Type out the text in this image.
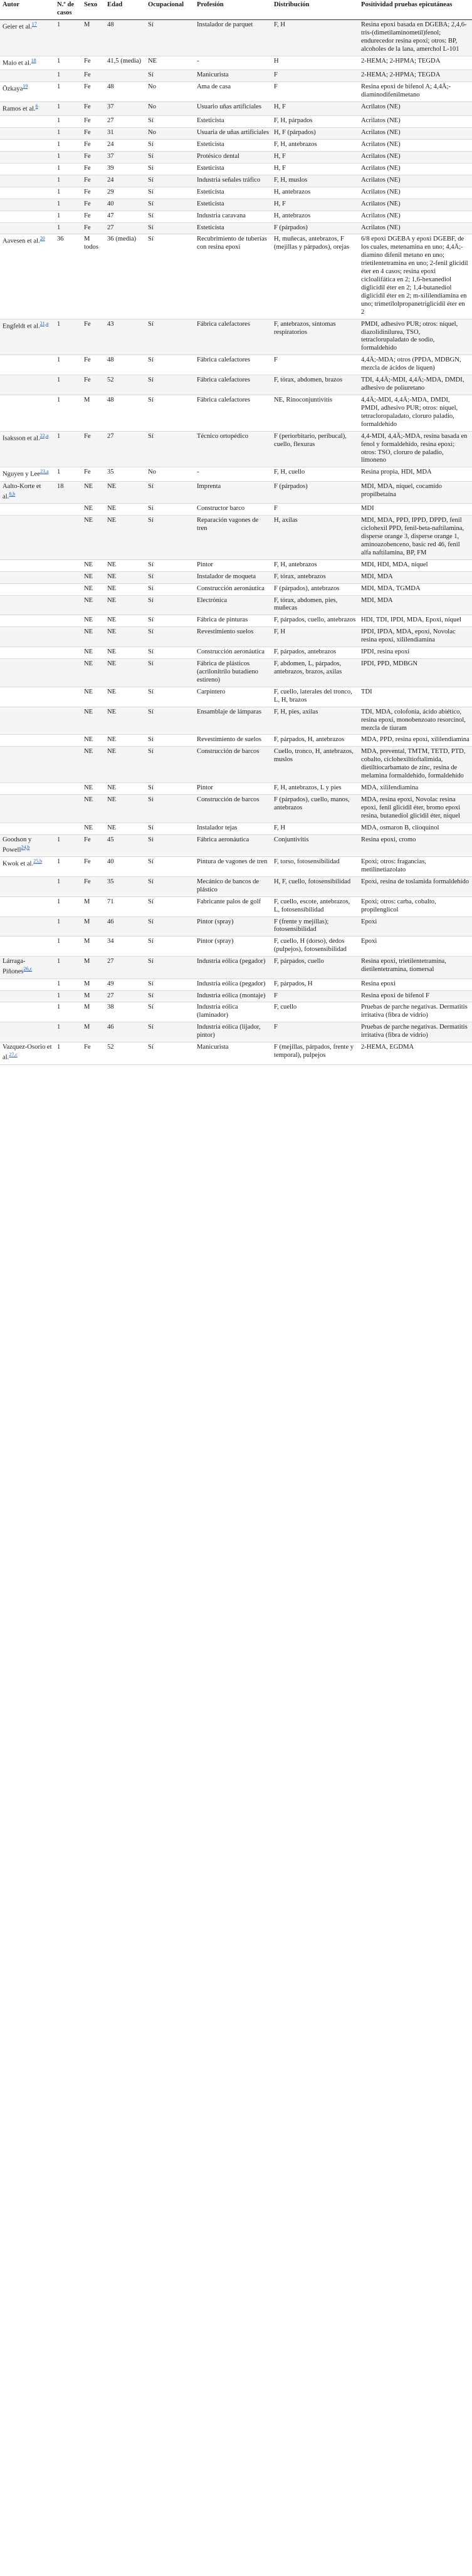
Autor	N.º de casos	Sexo	Edad	Ocupacional	Profesión	Distribución	Positividad pruebas epicutáneas
Geier et al.$^{17}$	1	M	48	Sí	Instalador de parquet	F, H	Resina epoxi basada en DGEBA; 2,4,6-tris-(dimetilaminometil)fenol; endurecedor resina epoxi; otros: BP, alcoholes de la lana, amerchol L-101
Maio et al.$^{18}$	1	Fe	41,5 (media)	NE	-	H	2-HEMA; 2-HPMA; TEGDA
	1	Fe		Sí	Manicurista	F	2-HEMA; 2-HPMA; TEGDA
Özkaya$^{19}$	1	Fe	48	No	Ama de casa	F	Resina epoxi de bifenol A; 4,4Ä;-diaminodifenilmetano
Ramos et al.$^6$	1	Fe	37	No	Usuario uñas artificiales	H, F	Acrilatos (NE)
	1	Fe	27	Sí	Esteticista	F, H, párpados	Acrilatos (NE)
	1	Fe	31	No	Usuaria de uñas artificiales	H, F (párpados)	Acrilatos (NE)
	1	Fe	24	Sí	Esteticista	F, H, antebrazos	Acrilatos (NE)
	1	Fe	37	Sí	Protésico dental	H, F	Acrilatos (NE)
	1	Fe	39	Sí	Esteticista	H, F	Acrilatos (NE)
	1	Fe	24	Sí	Industria señales tráfico	F, H, muslos	Acrilatos (NE)
	1	Fe	29	Sí	Esteticista	H, antebrazos	Acrilatos (NE)
	1	Fe	40	Sí	Esteticista	H, F	Acrilatos (NE)
	1	Fe	47	Sí	Industria caravana	H, antebrazos	Acrilatos (NE)
	1	Fe	27	Sí	Esteticista	F (párpados)	Acrilatos (NE)
Aavesen et al.$^{20}$	36	M todos	36 (media)	Sí	Recubrimiento de tuberías con resina epoxi	H, muñecas, antebrazos, F (mejillas y párpados), orejas	6/8 epoxi DGEBA y epoxi DGEBF, de los cuales, metenamina en uno; 4,4Ä;-diamino difenil metano en uno; trietilentetramina en uno; 2-fenil glicidil éter en 4 casos; resina epoxi cicloalifática en 2; 1,6-hexanediol diglicidil éter en 2; 1,4-butanediol diglicidil éter en 2; m-xililendiamina en uno; trimetilolpropanetriglicidil éter en 2
Engfeldt et al.$^{21,a}$	1	Fe	43	Sí	Fábrica calefactores	F, antebrazos, síntomas respiratorios	PMDI, adhesivo PUR; otros: níquel, diazolidinilurea, TSO, tetraclorupaladato de sodio, formaldehído
	1	Fe	48	Sí	Fábrica calefactores	F	4,4Ä;-MDA; otros (PPDA, MDBGN, mezcla de ácidos de líquen)
	1	Fe	52	Sí	Fábrica calefactores	F, tórax, abdomen, brazos	TDI, 4,4Ä;-MDI, 4,4Ä;-MDA, DMDI, adhesivo de poliuretano
	1	M	48	Sí	Fábrica calefactores	NE, Rinoconjuntivitis	4,4Ä;-MDI, 4,4Ä;-MDA, DMDI, PMDI, adhesivo PUR; otros: níquel, tetracloropaladato, cloruro paladio, formaldehído
Isaksson et al.$^{22,a}$	1	Fe	27	Sí	Técnico ortopédico	F (periorbitario, peribucal), cuello, flexuras	4,4-MDI, 4,4Ä;-MDA, resina basada en fenol y formaldehído, resina epoxi; otros: TSO, cloruro de paladio, limoneno
Nguyen y Lee$^{23,a}$	1	Fe	35	No	-	F, H, cuello	Resina propia, HDI, MDA
Aalto-Korte et al.$^{8,b}$	18	NE	NE	Sí	Imprenta	F (párpados)	MDI, MDA, níquel, cocamido propilbetaína
		NE	NE	Sí	Constructor barco	F	MDI
		NE	NE	Sí	Reparación vagones de tren	H, axilas	MDI, MDA, PPD, IPPD, DPPD, fenil ciclohexil PPD, fenil-beta-naftilamina, disperse orange 3, disperse orange 1, aminoazobenceno, basic red 46, fenil alfa naftilamina, BP, FM
		NE	NE	Sí	Pintor	F, H, antebrazos	MDI, HDI, MDA, níquel
		NE	NE	Sí	Instalador de moqueta	F, tórax, antebrazos	MDI, MDA
		NE	NE	Sí	Construcción aeronáutica	F (párpados), antebrazos	MDI, MDA, TGMDA
		NE	NE	Sí	Electrónica	F, tórax, abdomen, pies, muñecas	MDI, MDA
		NE	NE	Sí	Fábrica de pinturas	F, párpados, cuello, antebrazos	HDI, TDI, IPDI, MDA, Epoxi, níquel
		NE	NE	Sí	Revestimiento suelos	F, H	IPDI, IPDA, MDA, epoxi, Novolac resina epoxi, xililendiamina
		NE	NE	Sí	Construcción aeronáutica	F, párpados, antebrazos	IPDI, resina epoxi
		NE	NE	Sí	Fábrica de plásticos (acrilonitrilo butadieno estireno)	F, abdomen, L, párpados, antebrazos, brazos, axilas	IPDI, PPD, MDBGN
		NE	NE	Sí	Carpintero	F, cuello, laterales del tronco, L, H, brazos	TDI
		NE	NE	Sí	Ensamblaje de lámparas	F, H, pies, axilas	TDI, MDA, colofonia, ácido abiético, resina epoxi, monobenzoato resorcinol, mezcla de tiuram
		NE	NE	Sí	Revestimiento de suelos	F, párpados, H, antebrazos	MDA, PPD, resina epoxi, xililendiamina
		NE	NE	Sí	Construcción de barcos	Cuello, tronco, H, antebrazos, muslos	MDA, prevental, TMTM, TETD, PTD, cobalto, ciclohexiltioftalimida, dietiltiocarbamato de zinc, resina de melamina formaldehído, formaldehído
		NE	NE	Sí	Pintor	F, H, antebrazos, L y pies	MDA, xililendiamina
		NE	NE	Sí	Construcción de barcos	F (párpados), cuello, manos, antebrazos	MDA, resina epoxi, Novolac resina epoxi, fenil glicidil éter, bromo epoxi resina, butanediol glicidil éter, níquel
		NE	NE	Sí	Instalador tejas	F, H	MDA, osmaron B, clioquinol
Goodson y Powell$^{24,b}$	1	Fe	45	Sí	Fábrica aeronáutica	Conjuntivitis	Resina epoxi, cromo
Kwok et al.$^{25,b}$	1	Fe	40	Sí	Pintura de vagones de tren	F, torso, fotosensibilidad	Epoxi; otros: fragancias, metilinetiazolato
	1	Fe	35	Sí	Mecánico de bancos de plástico	H, F, cuello, fotosensibilidad	Epoxi, resina de toslamida formaldehído
	1	M	71	Sí	Fabricante palos de golf	F, cuello, escote, antebrazos, L, fotosensibilidad	Epoxi; otros: carba, cobalto, propilenglicol
	1	M	46	Sí	Pintor (spray)	F (frente y mejillas); fotosensibilidad	Epoxi
	1	M	34	Sí	Pintor (spray)	F, cuello, H (dorso), dedos (pulpejos), fotosensibilidad	Epoxi
Lárraga-Piñones$^{26,c}$	1	M	27	Sí	Industria eólica (pegador)	F, párpados, cuello	Resina epoxi, trietilentetramina, dietilentetramina, tiomersal
	1	M	49	Sí	Industria eólica (pegador)	F, párpados, H	Resina epoxi
	1	M	27	Sí	Industria eólica (montaje)	F	Resina epoxi de bifenol F
	1	M	38	Sí	Industria eólica (laminador)	F, cuello	Pruebas de parche negativas. Dermatitis irritativa (fibra de vidrio)
	1	M	46	Sí	Industria eólica (lijador, pintor)	F	Pruebas de parche negativas. Dermatitis irritativa (fibra de vidrio)
Vazquez-Osorio et al.$^{27,c}$	1	Fe	52	Sí	Manicurista	F (mejillas, párpados, frente y temporal), pulpejos	2-HEMA, EGDMA
